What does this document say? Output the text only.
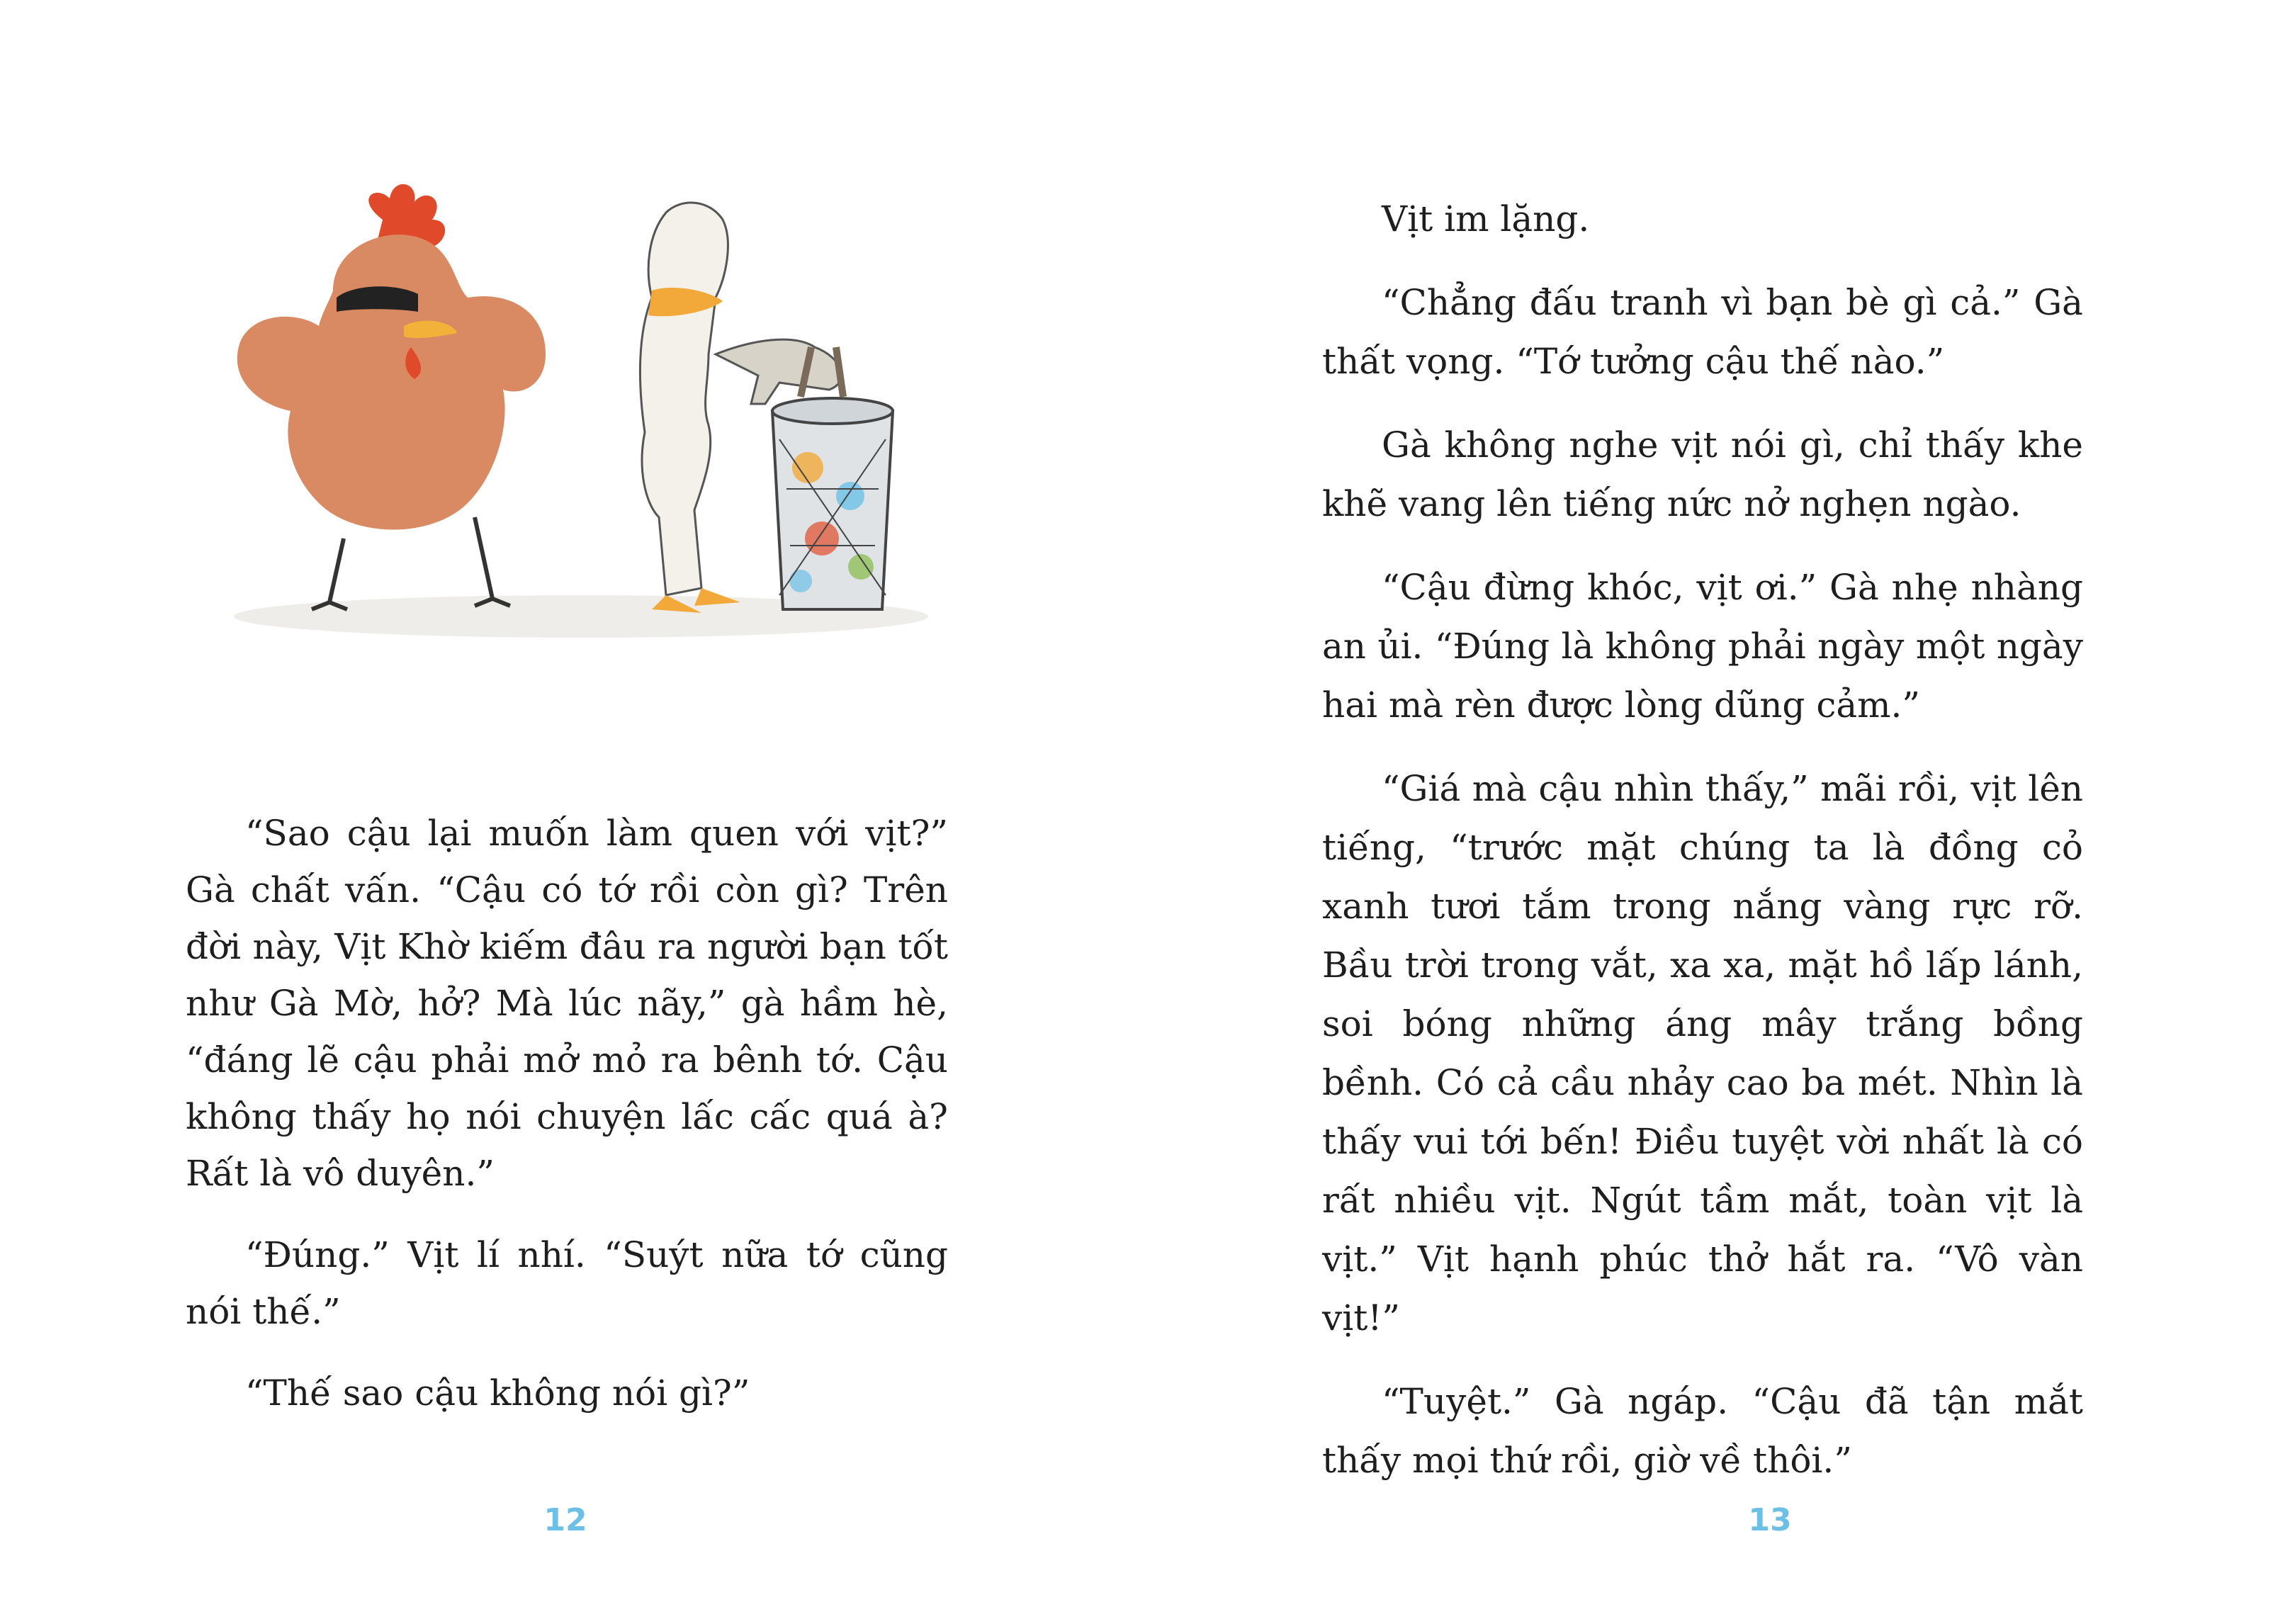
“Sao cậu lại muốn làm quen với vịt?” Gà chất vấn. “Cậu có tớ rồi còn gì? Trên đời này, Vịt Khờ kiếm đâu ra người bạn tốt như Gà Mờ, hở? Mà lúc nãy,” gà hầm hè, “đáng lẽ cậu phải mở mỏ ra bênh tớ. Cậu không thấy họ nói chuyện lấc cấc quá à? Rất là vô duyên.”

“Đúng.” Vịt lí nhí. “Suýt nữa tớ cũng nói thế.”

“Thế sao cậu không nói gì?”

12

Vịt im lặng.

“Chẳng đấu tranh vì bạn bè gì cả.” Gà thất vọng. “Tớ tưởng cậu thế nào.”

Gà không nghe vịt nói gì, chỉ thấy khe khẽ vang lên tiếng nức nở nghẹn ngào.

“Cậu đừng khóc, vịt ơi.” Gà nhẹ nhàng an ủi. “Đúng là không phải ngày một ngày hai mà rèn được lòng dũng cảm.”

“Giá mà cậu nhìn thấy,” mãi rồi, vịt lên tiếng, “trước mặt chúng ta là đồng cỏ xanh tươi tắm trong nắng vàng rực rỡ. Bầu trời trong vắt, xa xa, mặt hồ lấp lánh, soi bóng những áng mây trắng bồng bềnh. Có cả cầu nhảy cao ba mét. Nhìn là thấy vui tới bến! Điều tuyệt vời nhất là có rất nhiều vịt. Ngút tầm mắt, toàn vịt là vịt.” Vịt hạnh phúc thở hắt ra. “Vô vàn vịt!”

“Tuyệt.” Gà ngáp. “Cậu đã tận mắt thấy mọi thứ rồi, giờ về thôi.”

13
